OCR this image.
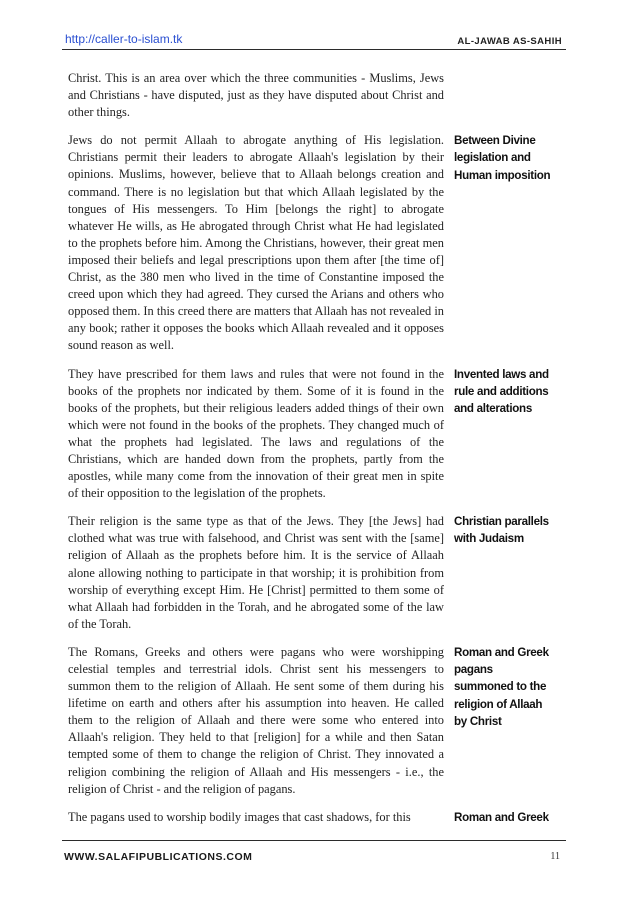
http://caller-to-islam.tk	AL-JAWAB AS-SAHIH

Christ. This is an area over which the three communities - Muslims, Jews and Christians - have disputed, just as they have disputed about Christ and other things.

Jews do not permit Allaah to abrogate anything of His legislation. Christians permit their leaders to abrogate Allaah's legislation by their opinions. Muslims, however, believe that to Allaah belongs creation and command. There is no legislation but that which Allaah legislated by the tongues of His messengers. To Him [belongs the right] to abrogate whatever He wills, as He abrogated through Christ what He had legislated to the prophets before him. Among the Christians, however, their great men imposed their beliefs and legal prescriptions upon them after [the time of] Christ, as the 380 men who lived in the time of Constantine imposed the creed upon which they had agreed. They cursed the Arians and others who opposed them. In this creed there are matters that Allaah has not revealed in any book; rather it opposes the books which Allaah revealed and it opposes sound reason as well.

Between Divine legislation and Human imposition

They have prescribed for them laws and rules that were not found in the books of the prophets nor indicated by them. Some of it is found in the books of the prophets, but their religious leaders added things of their own which were not found in the books of the prophets. They changed much of what the prophets had legislated. The laws and regulations of the Christians, which are handed down from the prophets, partly from the apostles, while many come from the innovation of their great men in spite of their opposition to the legislation of the prophets.

Invented laws and rule and additions and alterations

Their religion is the same type as that of the Jews. They [the Jews] had clothed what was true with falsehood, and Christ was sent with the [same] religion of Allaah as the prophets before him. It is the service of Allaah alone allowing nothing to participate in that worship; it is prohibition from worship of everything except Him. He [Christ] permitted to them some of what Allaah had forbidden in the Torah, and he abrogated some of the law of the Torah.

Christian parallels with Judaism

The Romans, Greeks and others were pagans who were worshipping celestial temples and terrestrial idols. Christ sent his messengers to summon them to the religion of Allaah. He sent some of them during his lifetime on earth and others after his assumption into heaven. He called them to the religion of Allaah and there were some who entered into Allaah's religion. They held to that [religion] for a while and then Satan tempted some of them to change the religion of Christ. They innovated a religion combining the religion of Allaah and His messengers - i.e., the religion of Christ - and the religion of pagans.

Roman and Greek pagans summoned to the religion of Allaah by Christ

The pagans used to worship bodily images that cast shadows, for this	Roman and Greek

WWW.SALAFIPUBLICATIONS.COM	11
